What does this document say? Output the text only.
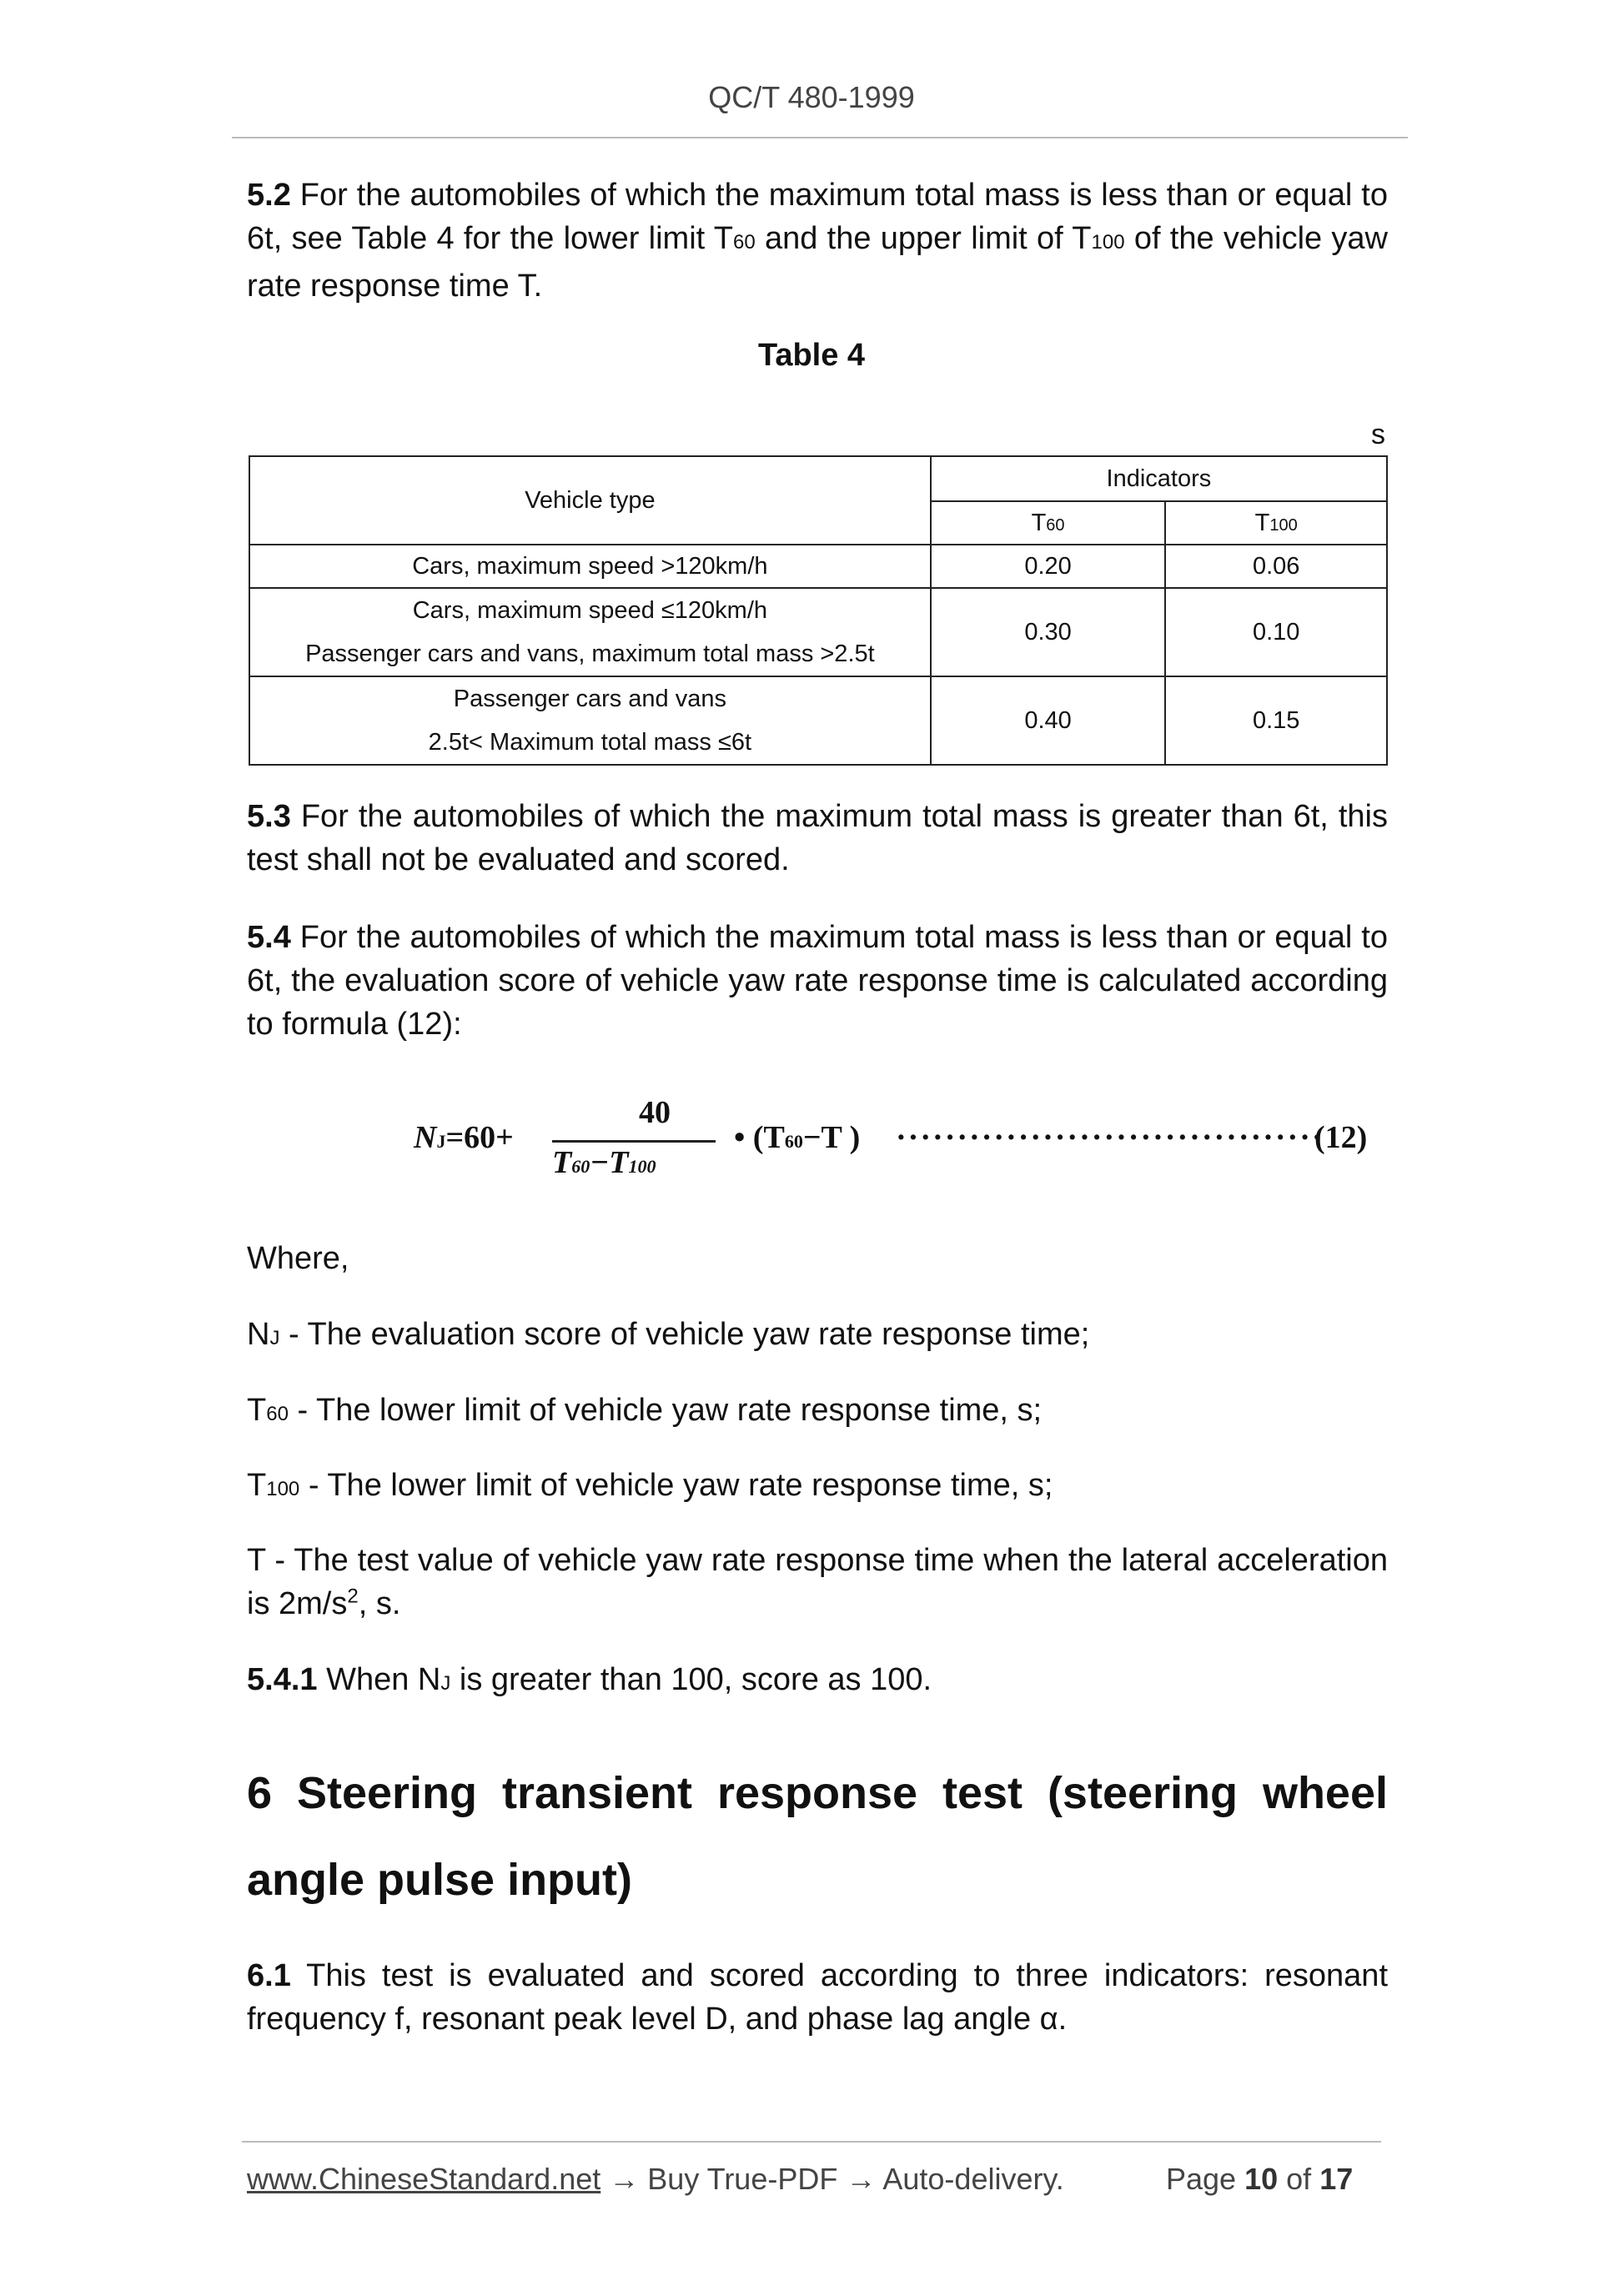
QC/T 480-1999

5.2 For the automobiles of which the maximum total mass is less than or equal to 6t, see Table 4 for the lower limit T60 and the upper limit of T100 of the vehicle yaw rate response time T.

Table 4
s
Vehicle type	Indicators	
	T60	T100
Cars, maximum speed >120km/h	0.20	0.06

Cars, maximum speed ≤120km/h
Passenger cars and vans, maximum total mass >2.5t	0.30	0.10

Passenger cars and vans
2.5t< Maximum total mass ≤6t	0.40	0.15

5.3 For the automobiles of which the maximum total mass is greater than 6t, this test shall not be evaluated and scored.

5.4 For the automobiles of which the maximum total mass is less than or equal to 6t, the evaluation score of vehicle yaw rate response time is calculated according to formula (12):

NJ=60+
40
T60−T100
• (T60−T ) ···································
(12)

Where,

NJ - The evaluation score of vehicle yaw rate response time;

T60 - The lower limit of vehicle yaw rate response time, s;

T100 - The lower limit of vehicle yaw rate response time, s;

T - The test value of vehicle yaw rate response time when the lateral acceleration is $2m/s^2$, s.

5.4.1 When NJ is greater than 100, score as 100.

6 Steering transient response test (steering wheel angle pulse input)

6.1 This test is evaluated and scored according to three indicators: resonant frequency f, resonant peak level D, and phase lag angle α.

www.ChineseStandard.net → Buy True-PDF → Auto-delivery.	Page 10 of 17
